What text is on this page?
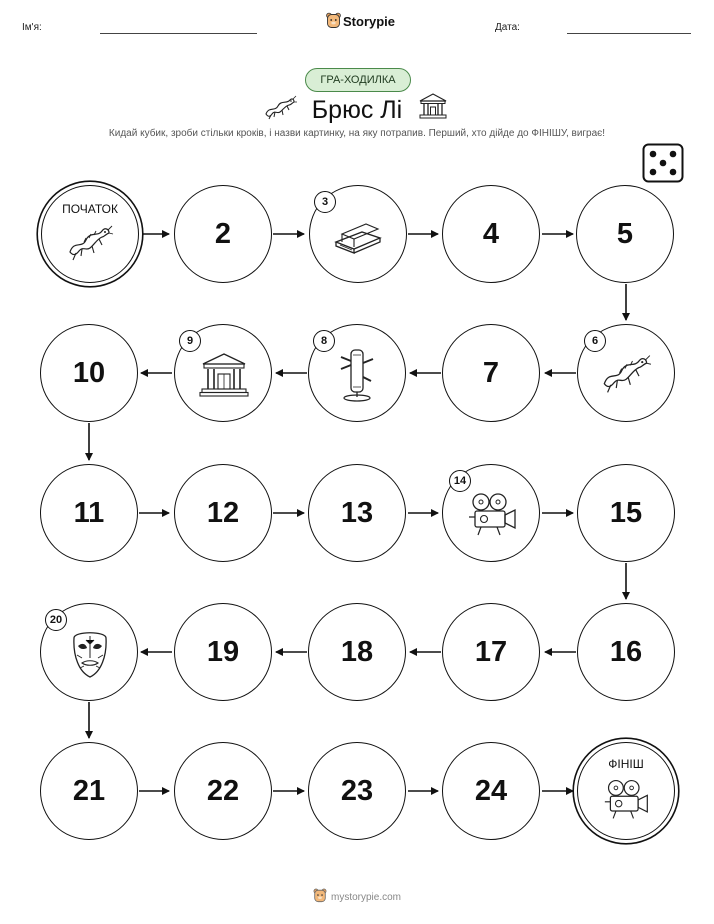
Ім'я:	Storypie	Дата:
ГРА-ХОДИЛКА
Брюс Лі
Кидай кубик, зроби стільки кроків, і назви картинку, на яку потрапив. Перший, хто дійде до ФІНІШУ, виграє!
ПОЧАТОК
2
3
4	5
10
9	8
7
6
11	12	13
14
15
20
19	18	17	16
21	22	23	24
ФІНІШ
mystorypie.com
